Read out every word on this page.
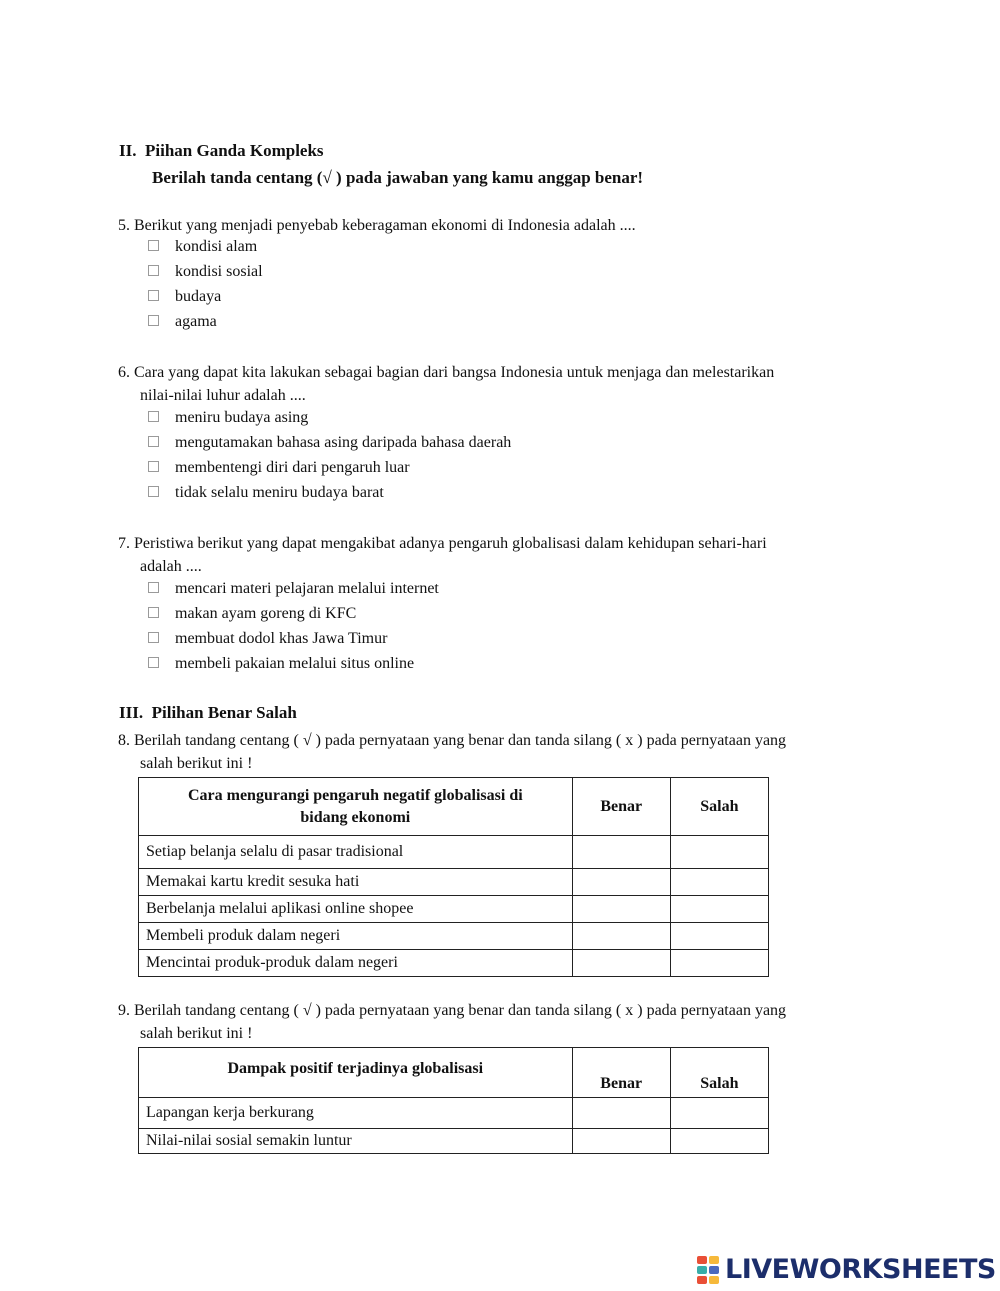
II. Piihan Ganda Kompleks
Berilah tanda centang (√ ) pada jawaban yang kamu anggap benar!
5. Berikut yang menjadi penyebab keberagaman ekonomi di Indonesia adalah ....
kondisi alam
kondisi sosial
budaya
agama
6. Cara yang dapat kita lakukan sebagai bagian dari bangsa Indonesia untuk menjaga dan melestarikan
nilai-nilai luhur adalah ....
meniru budaya asing
mengutamakan bahasa asing daripada bahasa daerah
membentengi diri dari pengaruh luar
tidak selalu meniru budaya barat
7. Peristiwa berikut yang dapat mengakibat adanya pengaruh globalisasi dalam kehidupan sehari-hari
adalah ....
mencari materi pelajaran melalui internet
makan ayam goreng di KFC
membuat dodol khas Jawa Timur
membeli pakaian melalui situs online
III. Pilihan Benar Salah
8. Berilah tandang centang ( √ ) pada pernyataan yang benar dan tanda silang ( x ) pada pernyataan yang
salah berikut ini !
Cara mengurangi pengaruh negatif globalisasi di
bidang ekonomi	Benar	Salah
Setiap belanja selalu di pasar tradisional		
Memakai kartu kredit sesuka hati		
Berbelanja melalui aplikasi online shopee		
Membeli produk dalam negeri		
Mencintai produk-produk dalam negeri		
9. Berilah tandang centang ( √ ) pada pernyataan yang benar dan tanda silang ( x ) pada pernyataan yang
salah berikut ini !
Dampak positif terjadinya globalisasi	Benar	Salah
Lapangan kerja berkurang		
Nilai-nilai sosial semakin luntur		
LIVEWORKSHEETS
